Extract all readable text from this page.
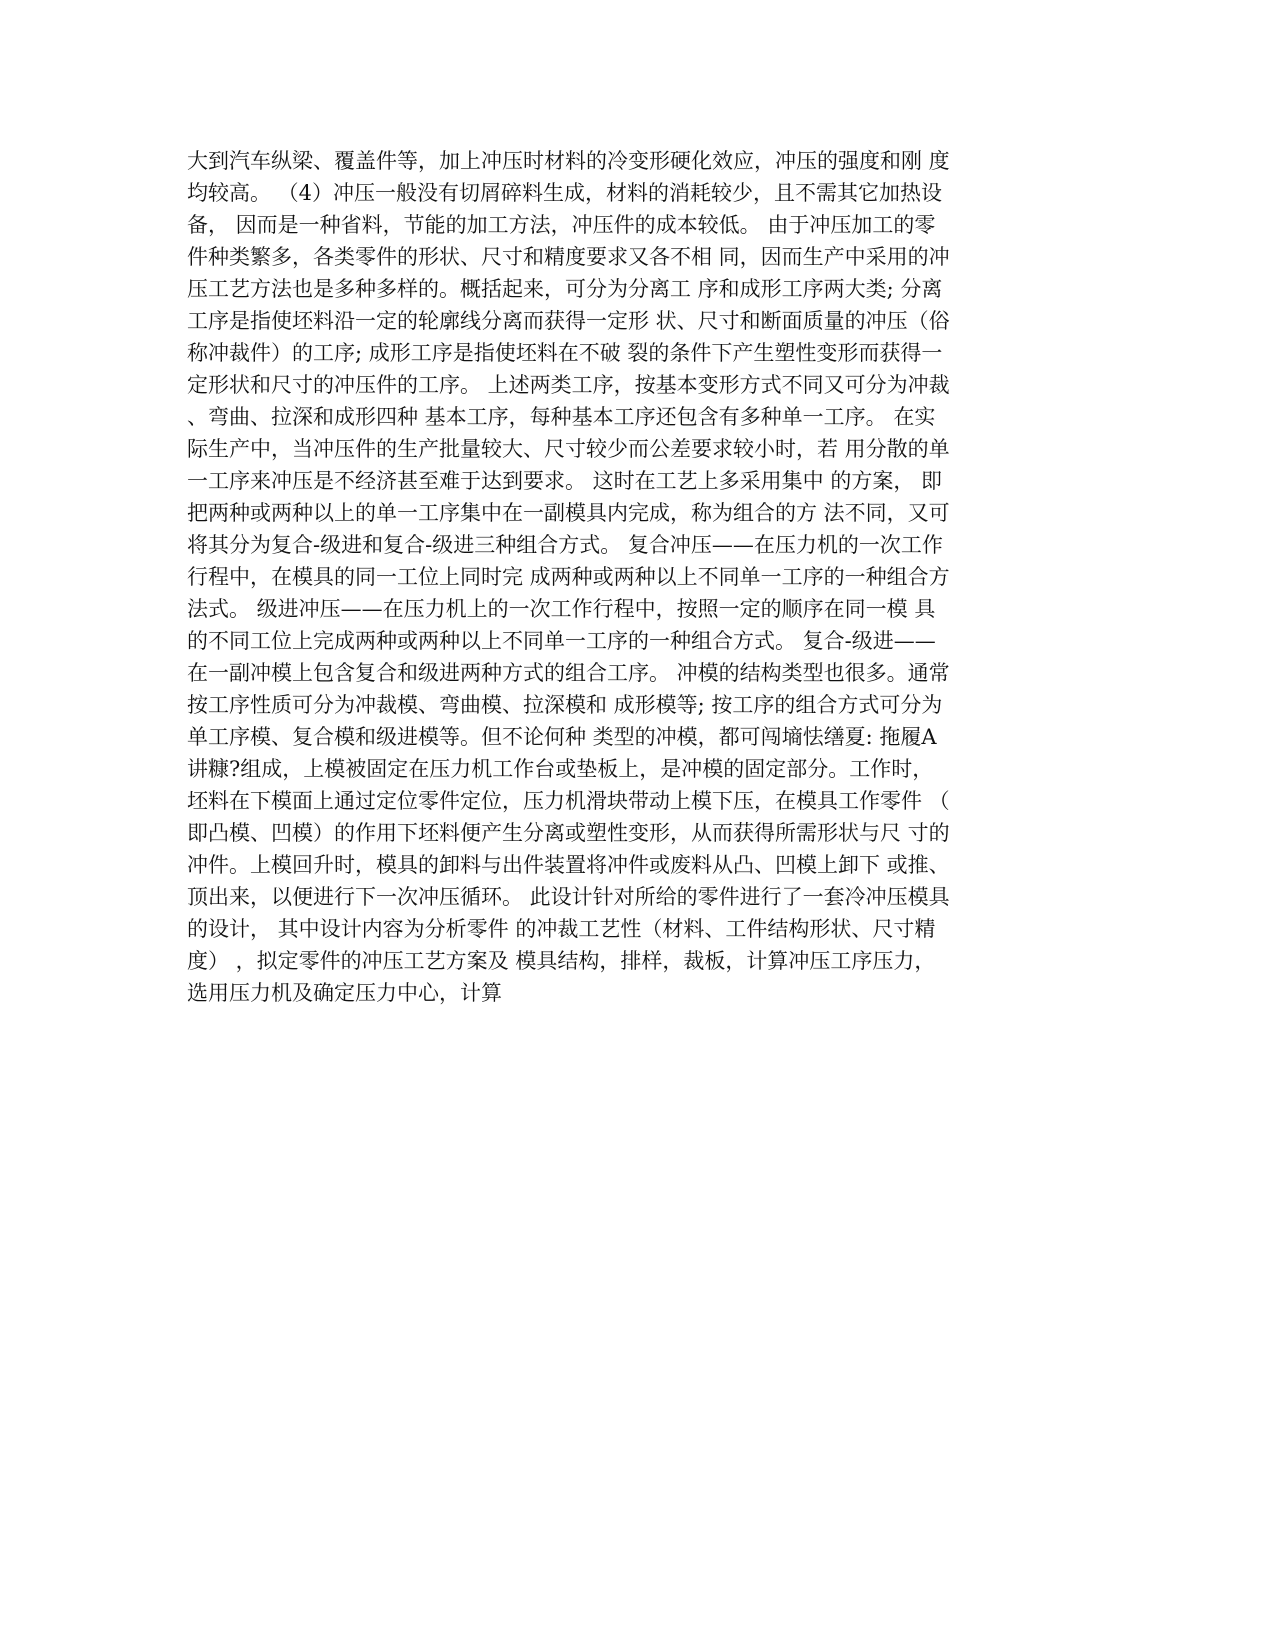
大到汽车纵梁、覆盖件等，加上冲压时材料的冷变形硬化效应，冲压的强度和刚 度
均较高。 （4）冲压一般没有切屑碎料生成，材料的消耗较少，且不需其它加热设
备， 因而是一种省料，节能的加工方法，冲压件的成本较低。 由于冲压加工的零
件种类繁多，各类零件的形状、尺寸和精度要求又各不相 同，因而生产中采用的冲
压工艺方法也是多种多样的。概括起来，可分为分离工 序和成形工序两大类; 分离
工序是指使坯料沿一定的轮廓线分离而获得一定形 状、尺寸和断面质量的冲压（俗
称冲裁件）的工序; 成形工序是指使坯料在不破 裂的条件下产生塑性变形而获得一
定形状和尺寸的冲压件的工序。 上述两类工序，按基本变形方式不同又可分为冲裁
、弯曲、拉深和成形四种 基本工序，每种基本工序还包含有多种单一工序。 在实
际生产中，当冲压件的生产批量较大、尺寸较少而公差要求较小时，若 用分散的单
一工序来冲压是不经济甚至难于达到要求。 这时在工艺上多采用集中 的方案， 即
把两种或两种以上的单一工序集中在一副模具内完成，称为组合的方 法不同，又可
将其分为复合-级进和复合-级进三种组合方式。 复合冲压——在压力机的一次工作
行程中，在模具的同一工位上同时完 成两种或两种以上不同单一工序的一种组合方
法式。 级进冲压——在压力机上的一次工作行程中，按照一定的顺序在同一模 具
的不同工位上完成两种或两种以上不同单一工序的一种组合方式。 复合-级进——
在一副冲模上包含复合和级进两种方式的组合工序。 冲模的结构类型也很多。通常
按工序性质可分为冲裁模、弯曲模、拉深模和 成形模等; 按工序的组合方式可分为
单工序模、复合模和级进模等。但不论何种 类型的冲模，都可闯墒怯缮夏: 拖履A
讲糠?组成，上模被固定在压力机工作台或垫板上，是冲模的固定部分。工作时，
坯料在下模面上通过定位零件定位，压力机滑块带动上模下压，在模具工作零件 （
即凸模、凹模）的作用下坯料便产生分离或塑性变形，从而获得所需形状与尺 寸的
冲件。上模回升时，模具的卸料与出件装置将冲件或废料从凸、凹模上卸下 或推、
顶出来，以便进行下一次冲压循环。 此设计针对所给的零件进行了一套冷冲压模具
的设计， 其中设计内容为分析零件 的冲裁工艺性（材料、工件结构形状、尺寸精
度） ，拟定零件的冲压工艺方案及 模具结构，排样，裁板，计算冲压工序压力，
选用压力机及确定压力中心，计算
